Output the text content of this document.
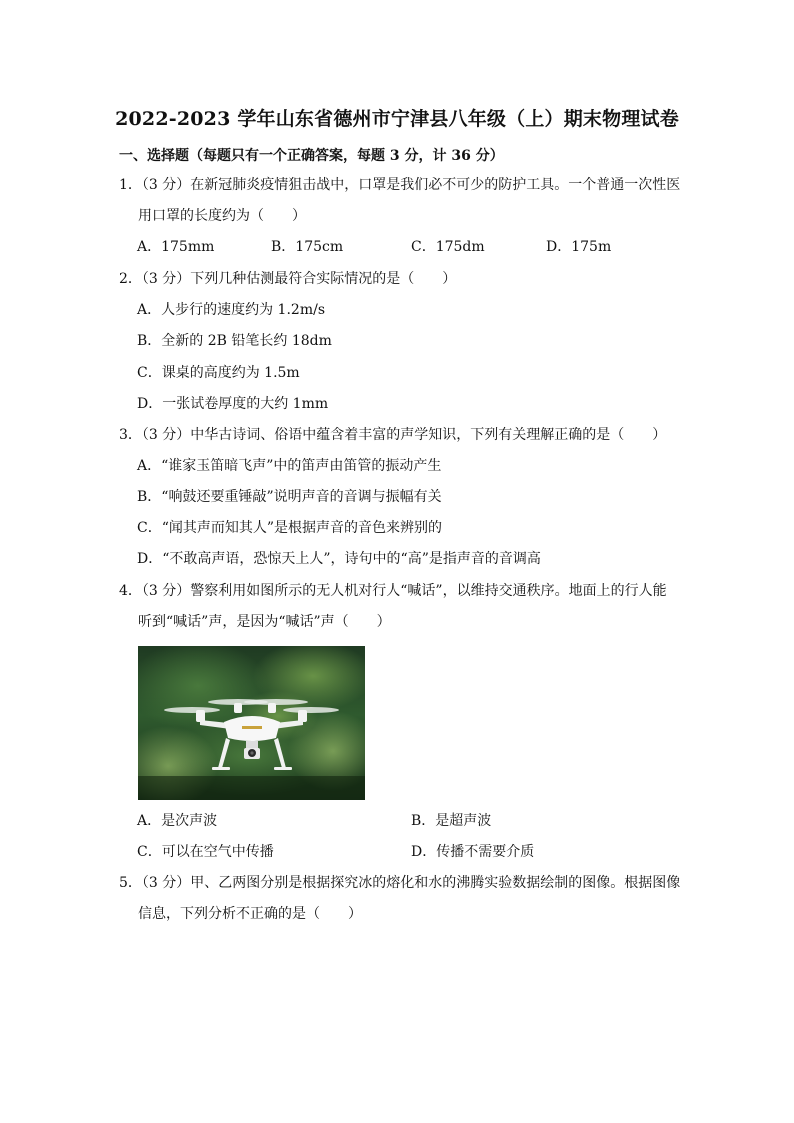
2022-2023 学年山东省德州市宁津县八年级（上）期末物理试卷
一、选择题（每题只有一个正确答案，每题 3 分，计 36 分）
1．（3 分）在新冠肺炎疫情狙击战中，口罩是我们必不可少的防护工具。一个普通一次性医
用口罩的长度约为（　　）
A．175mm	B．175cm	C．175dm	D．175m
2．（3 分）下列几种估测最符合实际情况的是（　　）
A．人步行的速度约为 1.2m/s
B．全新的 2B 铅笔长约 18dm
C．课桌的高度约为 1.5m
D．一张试卷厚度的大约 1mm
3．（3 分）中华古诗词、俗语中蕴含着丰富的声学知识，下列有关理解正确的是（　　）
A．“谁家玉笛暗飞声”中的笛声由笛管的振动产生
B．“响鼓还要重锤敲”说明声音的音调与振幅有关
C．“闻其声而知其人”是根据声音的音色来辨别的
D．“不敢高声语，恐惊天上人”，诗句中的“高”是指声音的音调高
4．（3 分）警察利用如图所示的无人机对行人“喊话”，以维持交通秩序。地面上的行人能
听到“喊话”声，是因为“喊话”声（　　）
A．是次声波	B．是超声波
C．可以在空气中传播	D．传播不需要介质
5．（3 分）甲、乙两图分别是根据探究冰的熔化和水的沸腾实验数据绘制的图像。根据图像
信息，下列分析不正确的是（　　）
